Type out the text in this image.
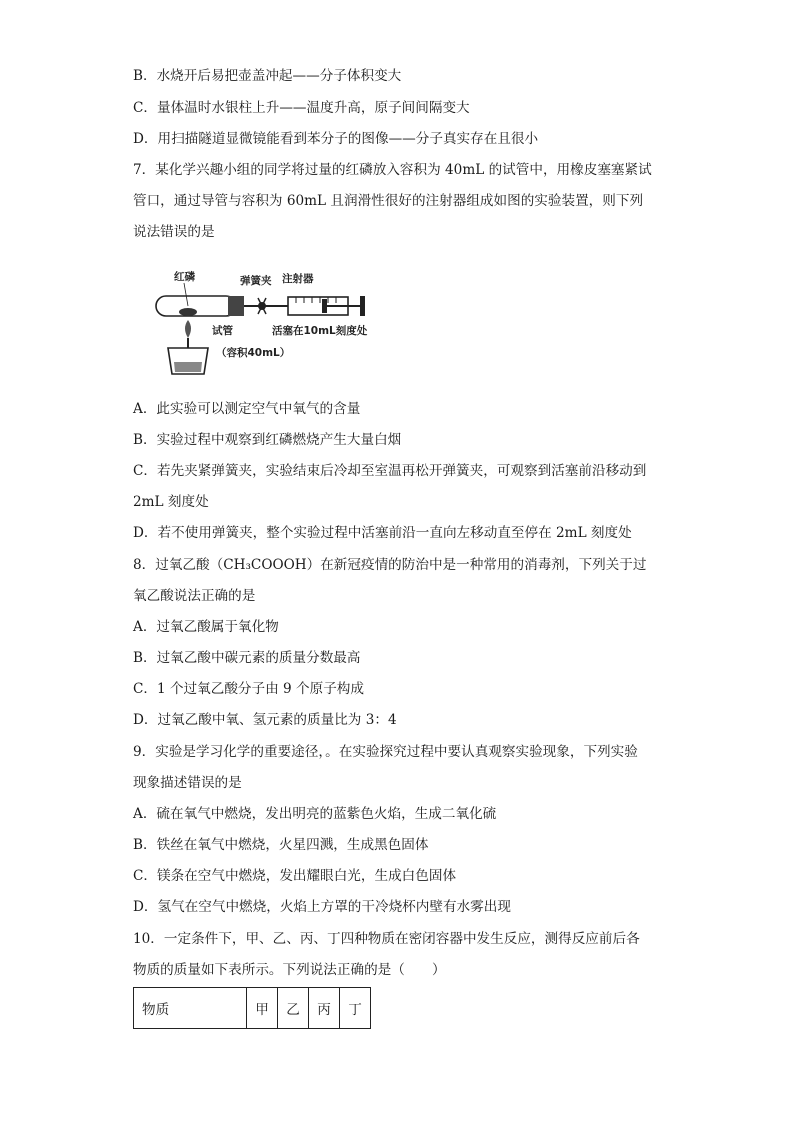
B．水烧开后易把壶盖冲起——分子体积变大
C．量体温时水银柱上升——温度升高，原子间间隔变大
D．用扫描隧道显微镜能看到苯分子的图像——分子真实存在且很小
7．某化学兴趣小组的同学将过量的红磷放入容积为 40mL 的试管中，用橡皮塞塞紧试
管口，通过导管与容积为 60mL 且润滑性很好的注射器组成如图的实验装置，则下列
说法错误的是
红磷	弹簧夹 注射器
试管	活塞在10mL刻度处
（容积40mL）
A．此实验可以测定空气中氧气的含量
B．实验过程中观察到红磷燃烧产生大量白烟
C．若先夹紧弹簧夹，实验结束后冷却至室温再松开弹簧夹，可观察到活塞前沿移动到
2mL 刻度处
D．若不使用弹簧夹，整个实验过程中活塞前沿一直向左移动直至停在 2mL 刻度处
8．过氧乙酸（CH₃COOOH）在新冠疫情的防治中是一种常用的消毒剂，下列关于过
氧乙酸说法正确的是
A．过氧乙酸属于氧化物
B．过氧乙酸中碳元素的质量分数最高
C．1 个过氧乙酸分子由 9 个原子构成
D．过氧乙酸中氧、氢元素的质量比为 3：4
9．实验是学习化学的重要途径，。在实验探究过程中要认真观察实验现象，下列实验
现象描述错误的是
A．硫在氧气中燃烧，发出明亮的蓝紫色火焰，生成二氧化硫
B．铁丝在氧气中燃烧，火星四溅，生成黑色固体
C．镁条在空气中燃烧，发出耀眼白光，生成白色固体
D．氢气在空气中燃烧，火焰上方罩的干冷烧杯内壁有水雾出现
10．一定条件下，甲、乙、丙、丁四种物质在密闭容器中发生反应，测得反应前后各
物质的质量如下表所示。下列说法正确的是（　　）
物质	甲	乙	丙	丁
